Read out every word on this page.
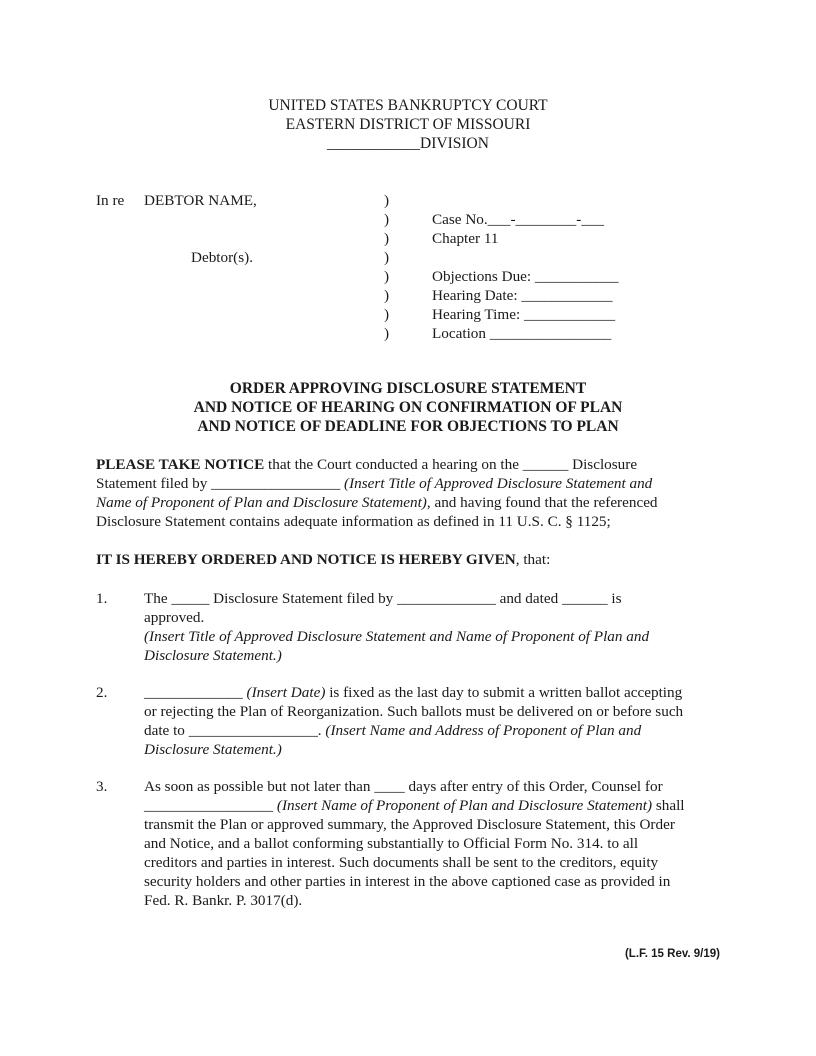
UNITED STATES BANKRUPTCY COURT
EASTERN DISTRICT OF MISSOURI
____________DIVISION
In re DEBTOR NAME,
Debtor(s).
)
)
)
)
)
)
)
)
Case No.___-________-___
Chapter 11
Objections Due: ___________
Hearing Date: ____________
Hearing Time: ____________
Location ________________
ORDER APPROVING DISCLOSURE STATEMENT
AND NOTICE OF HEARING ON CONFIRMATION OF PLAN
AND NOTICE OF DEADLINE FOR OBJECTIONS TO PLAN
PLEASE TAKE NOTICE that the Court conducted a hearing on the ______ Disclosure
Statement filed by _________________ (Insert Title of Approved Disclosure Statement and
Name of Proponent of Plan and Disclosure Statement), and having found that the referenced
Disclosure Statement contains adequate information as defined in 11 U.S. C. § 1125;
IT IS HEREBY ORDERED AND NOTICE IS HEREBY GIVEN, that:
1. The _____ Disclosure Statement filed by _____________ and dated ______ is
approved.
(Insert Title of Approved Disclosure Statement and Name of Proponent of Plan and
Disclosure Statement.)
2. _____________ (Insert Date) is fixed as the last day to submit a written ballot accepting
or rejecting the Plan of Reorganization. Such ballots must be delivered on or before such
date to _________________. (Insert Name and Address of Proponent of Plan and
Disclosure Statement.)
3. As soon as possible but not later than ____ days after entry of this Order, Counsel for
_________________ (Insert Name of Proponent of Plan and Disclosure Statement) shall
transmit the Plan or approved summary, the Approved Disclosure Statement, this Order
and Notice, and a ballot conforming substantially to Official Form No. 314. to all
creditors and parties in interest. Such documents shall be sent to the creditors, equity
security holders and other parties in interest in the above captioned case as provided in
Fed. R. Bankr. P. 3017(d).
(L.F. 15 Rev. 9/19)
